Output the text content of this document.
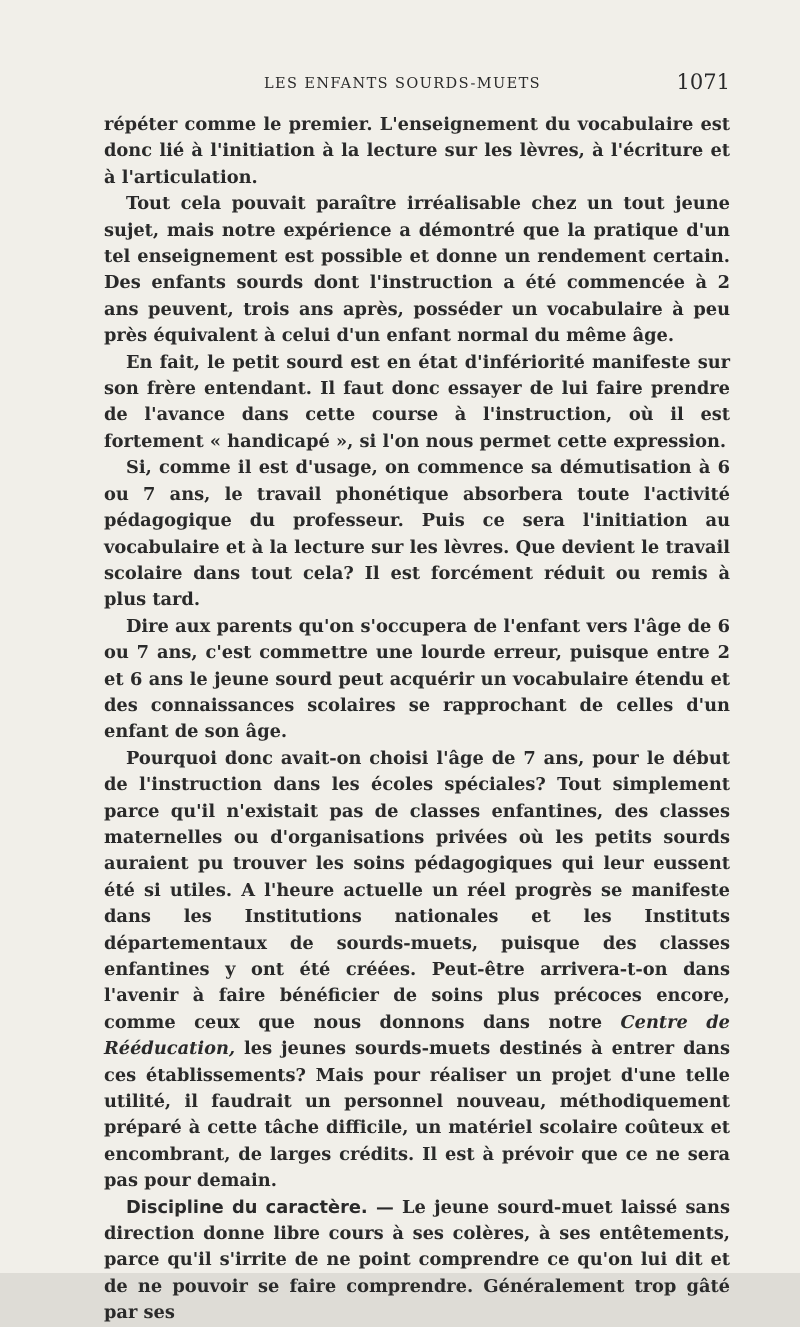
LES ENFANTS SOURDS-MUETS	1071

répéter comme le premier. L'enseignement du vocabulaire est donc lié à l'initiation à la lecture sur les lèvres, à l'écriture et à l'articulation.

Tout cela pouvait paraître irréalisable chez un tout jeune sujet, mais notre expérience a démontré que la pratique d'un tel enseignement est possible et donne un rendement certain. Des enfants sourds dont l'instruction a été commencée à 2 ans peuvent, trois ans après, posséder un vocabulaire à peu près équivalent à celui d'un enfant normal du même âge.

En fait, le petit sourd est en état d'infériorité manifeste sur son frère entendant. Il faut donc essayer de lui faire prendre de l'avance dans cette course à l'instruction, où il est fortement « handicapé », si l'on nous permet cette expression.

Si, comme il est d'usage, on commence sa démutisation à 6 ou 7 ans, le travail phonétique absorbera toute l'activité pédagogique du professeur. Puis ce sera l'initiation au vocabulaire et à la lecture sur les lèvres. Que devient le travail scolaire dans tout cela? Il est forcément réduit ou remis à plus tard.

Dire aux parents qu'on s'occupera de l'enfant vers l'âge de 6 ou 7 ans, c'est commettre une lourde erreur, puisque entre 2 et 6 ans le jeune sourd peut acquérir un vocabulaire étendu et des connaissances scolaires se rapprochant de celles d'un enfant de son âge.

Pourquoi donc avait-on choisi l'âge de 7 ans, pour le début de l'instruction dans les écoles spéciales? Tout simplement parce qu'il n'existait pas de classes enfantines, des classes maternelles ou d'organisations privées où les petits sourds auraient pu trouver les soins pédagogiques qui leur eussent été si utiles. A l'heure actuelle un réel progrès se manifeste dans les Institutions nationales et les Instituts départementaux de sourds-muets, puisque des classes enfantines y ont été créées. Peut-être arrivera-t-on dans l'avenir à faire bénéficier de soins plus précoces encore, comme ceux que nous donnons dans notre Centre de Rééducation, les jeunes sourds-muets destinés à entrer dans ces établissements? Mais pour réaliser un projet d'une telle utilité, il faudrait un personnel nouveau, méthodiquement préparé à cette tâche difficile, un matériel scolaire coûteux et encombrant, de larges crédits. Il est à prévoir que ce ne sera pas pour demain.

Discipline du caractère. — Le jeune sourd-muet laissé sans direction donne libre cours à ses colères, à ses entêtements, parce qu'il s'irrite de ne point comprendre ce qu'on lui dit et de ne pouvoir se faire comprendre. Généralement trop gâté par ses
